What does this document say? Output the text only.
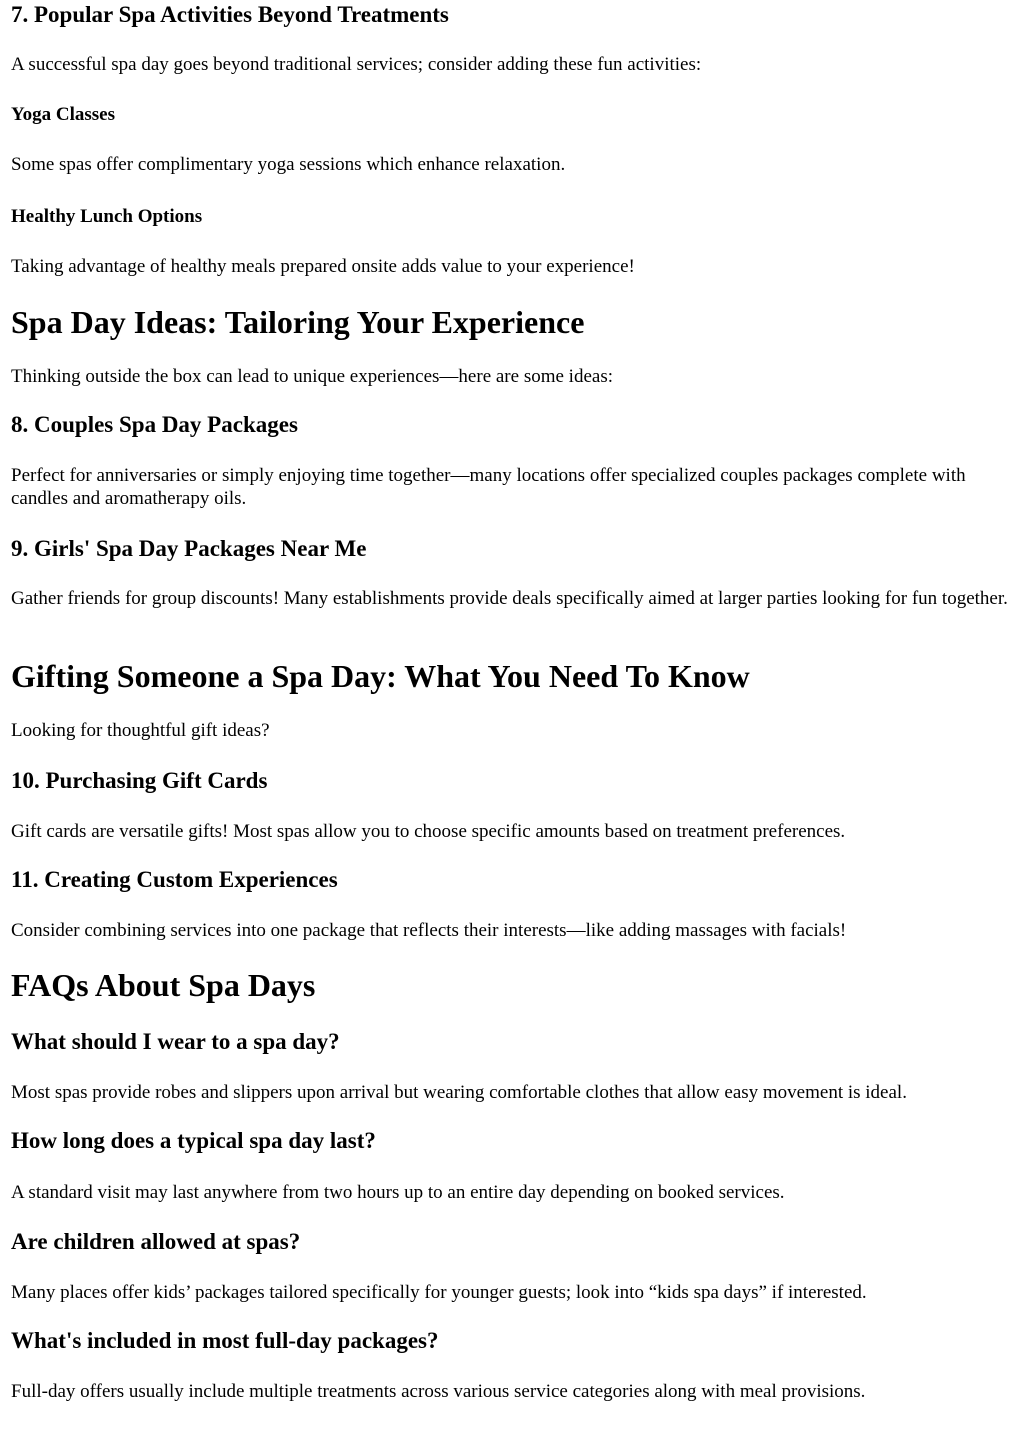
7. Popular Spa Activities Beyond Treatments

A successful spa day goes beyond traditional services; consider adding these fun activities:

Yoga Classes

Some spas offer complimentary yoga sessions which enhance relaxation.

Healthy Lunch Options

Taking advantage of healthy meals prepared onsite adds value to your experience!

Spa Day Ideas: Tailoring Your Experience

Thinking outside the box can lead to unique experiences—here are some ideas:

8. Couples Spa Day Packages

Perfect for anniversaries or simply enjoying time together—many locations offer specialized couples packages complete with candles and aromatherapy oils.

9. Girls' Spa Day Packages Near Me

Gather friends for group discounts! Many establishments provide deals specifically aimed at larger parties looking for fun together.

Gifting Someone a Spa Day: What You Need To Know

Looking for thoughtful gift ideas?

10. Purchasing Gift Cards

Gift cards are versatile gifts! Most spas allow you to choose specific amounts based on treatment preferences.

11. Creating Custom Experiences

Consider combining services into one package that reflects their interests—like adding massages with facials!

FAQs About Spa Days
What should I wear to a spa day?

Most spas provide robes and slippers upon arrival but wearing comfortable clothes that allow easy movement is ideal.

How long does a typical spa day last?

A standard visit may last anywhere from two hours up to an entire day depending on booked services.

Are children allowed at spas?

Many places offer kids’ packages tailored specifically for younger guests; look into “kids spa days” if interested.

What's included in most full-day packages?

Full-day offers usually include multiple treatments across various service categories along with meal provisions.
